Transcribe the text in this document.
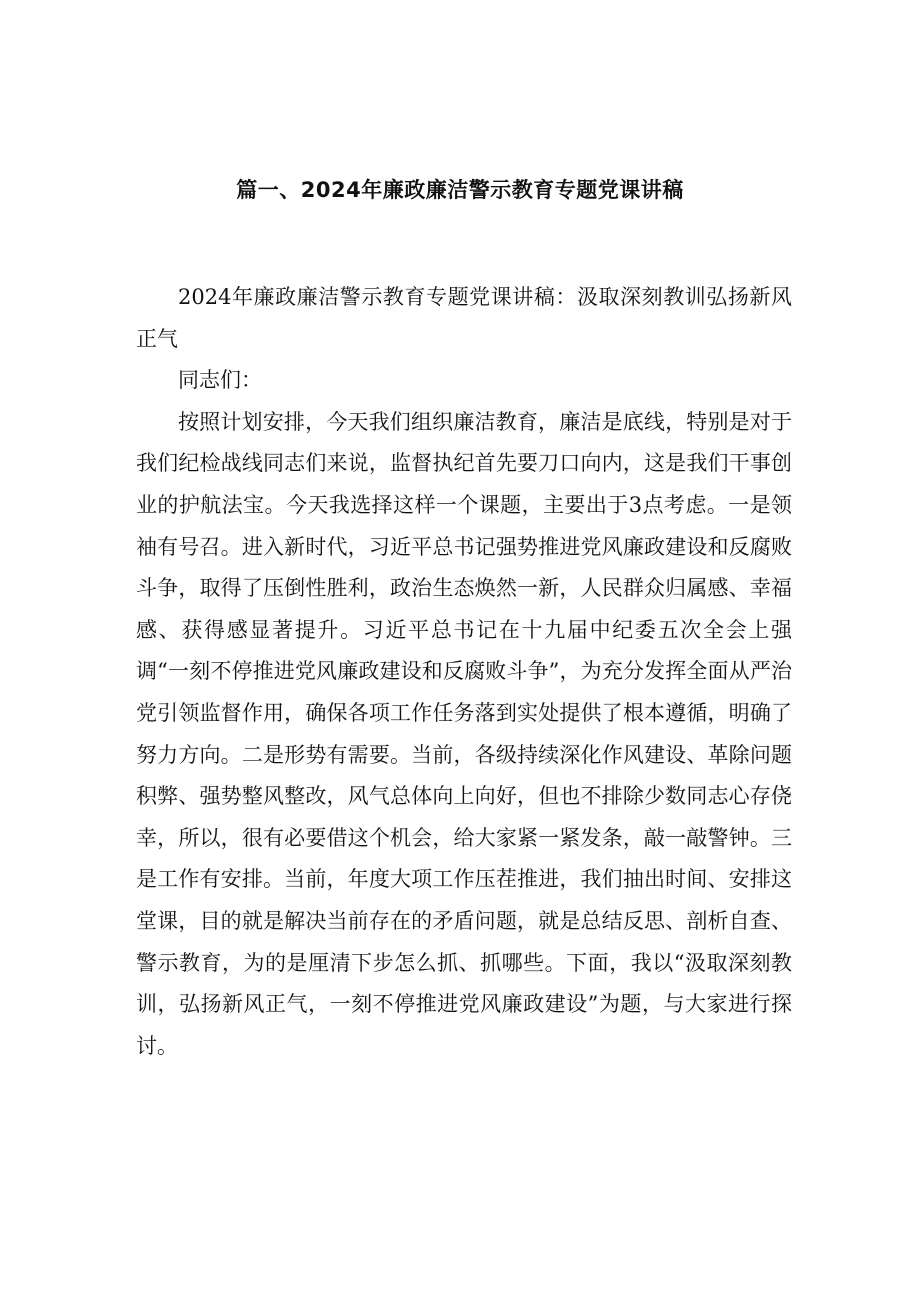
篇一、2024年廉政廉洁警示教育专题党课讲稿

2024年廉政廉洁警示教育专题党课讲稿：汲取深刻教训弘扬新风正气

同志们：

按照计划安排，今天我们组织廉洁教育，廉洁是底线，特别是对于我们纪检战线同志们来说，监督执纪首先要刀口向内，这是我们干事创业的护航法宝。今天我选择这样一个课题，主要出于3点考虑。一是领袖有号召。进入新时代，习近平总书记强势推进党风廉政建设和反腐败斗争，取得了压倒性胜利，政治生态焕然一新，人民群众归属感、幸福感、获得感显著提升。习近平总书记在十九届中纪委五次全会上强调“一刻不停推进党风廉政建设和反腐败斗争”，为充分发挥全面从严治党引领监督作用，确保各项工作任务落到实处提供了根本遵循，明确了努力方向。二是形势有需要。当前，各级持续深化作风建设、革除问题积弊、强势整风整改，风气总体向上向好，但也不排除少数同志心存侥幸，所以，很有必要借这个机会，给大家紧一紧发条，敲一敲警钟。三是工作有安排。当前，年度大项工作压茬推进，我们抽出时间、安排这堂课，目的就是解决当前存在的矛盾问题，就是总结反思、剖析自查、警示教育，为的是厘清下步怎么抓、抓哪些。下面，我以“汲取深刻教训，弘扬新风正气，一刻不停推进党风廉政建设”为题，与大家进行探讨。
